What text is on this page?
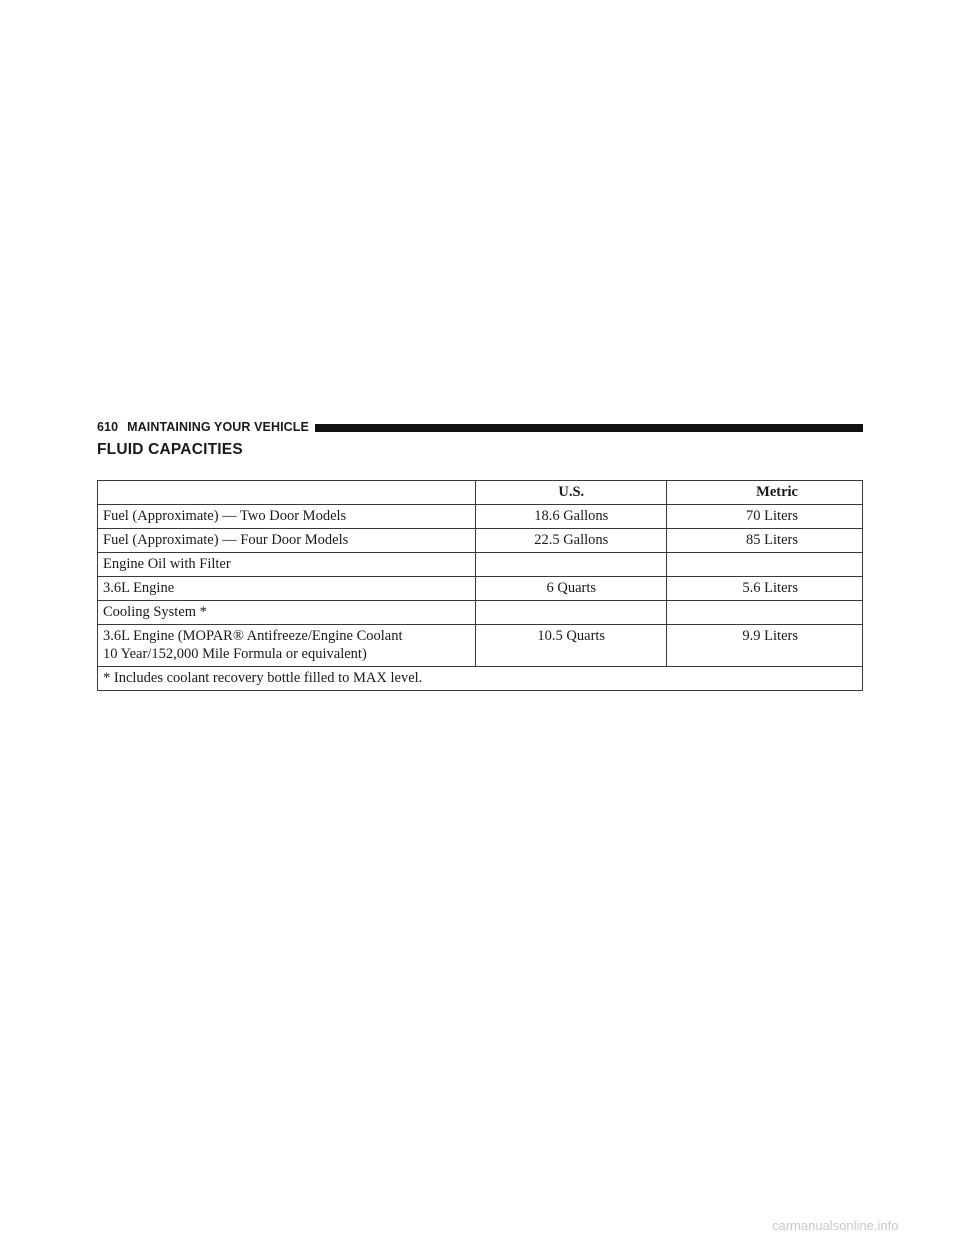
610 MAINTAINING YOUR VEHICLE
FLUID CAPACITIES
	U.S.	Metric
Fuel (Approximate) — Two Door Models	18.6 Gallons	70 Liters
Fuel (Approximate) — Four Door Models	22.5 Gallons	85 Liters
Engine Oil with Filter		
3.6L Engine	6 Quarts	5.6 Liters
Cooling System *		

3.6L Engine (MOPAR® Antifreeze/Engine Coolant
10 Year/152,000 Mile Formula or equivalent)	10.5 Quarts	9.9 Liters
* Includes coolant recovery bottle filled to MAX level.		
carmanualsonline.info
